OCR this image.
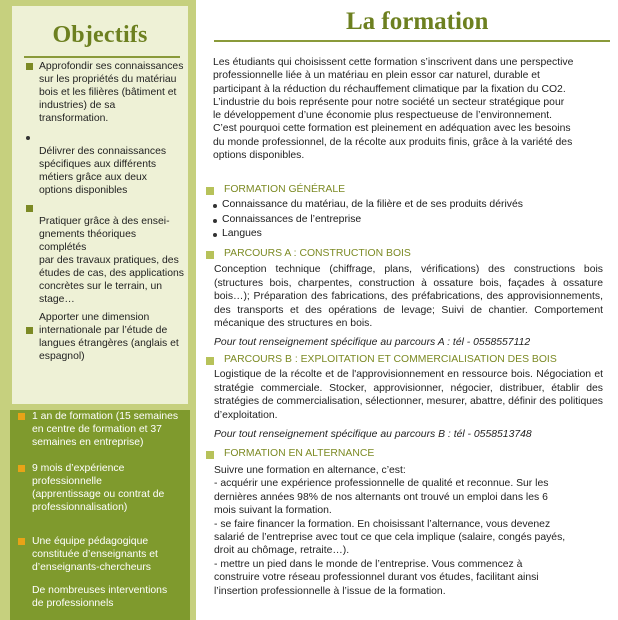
Objectifs
Approfondir ses connaissances
sur les propriétés du matériau
bois et les filières (bâtiment et
industries) de sa
transformation.

Délivrer des connaissances
spécifiques aux différents
métiers grâce aux deux
options disponibles

Pratiquer grâce à des ensei-
gnements théoriques complétés
par des travaux pratiques, des
études de cas, des applications
concrètes sur le terrain, un
stage…

Apporter une dimension
internationale par l’étude de
langues étrangères (anglais et
espagnol)
1 an de formation (15 semaines
en centre de formation et 37
semaines en entreprise)
9 mois d’expérience
professionnelle
(apprentissage ou contrat de
professionnalisation)

Une équipe pédagogique
constituée d’enseignants et
d’enseignants-chercheurs
De nombreuses interventions
de professionnels
La formation
Les étudiants qui choisissent cette formation s’inscrivent dans une perspective
professionnelle liée à un matériau en plein essor car naturel, durable et
participant à la réduction du réchauffement climatique par la fixation du CO2.
L’industrie du bois représente pour notre société un secteur stratégique pour
le développement d’une économie plus respectueuse de l’environnement.
C’est pourquoi cette formation est pleinement en adéquation avec les besoins
du monde professionnel, de la récolte aux produits finis, grâce à la variété des
options disponibles.
FORMATION GÉNÉRALE
Connaissance du matériau, de la filière et de ses produits dérivés
Connaissances de l’entreprise
Langues
PARCOURS A : CONSTRUCTION BOIS
Conception technique (chiffrage, plans, vérifications) des constructions bois (structures bois, charpentes, construction à ossature bois, façades à ossature bois…); Préparation des fabrications, des préfabrications, des approvisionnements, des transports et des opérations de levage; Suivi de chantier. Comportement mécanique des structures en bois.
Pour tout renseignement spécifique au parcours A : tél - 0558557112
PARCOURS B : EXPLOITATION ET COMMERCIALISATION DES BOIS
Logistique de la récolte et de l'approvisionnement en ressource bois. Négociation et stratégie commerciale. Stocker, approvisionner, négocier, distribuer, établir des stratégies de commercialisation, sélectionner, mesurer, abattre, définir des politiques d’exploitation.
Pour tout renseignement spécifique au parcours B : tél - 0558513748
FORMATION EN ALTERNANCE
Suivre une formation en alternance, c’est:
- acquérir une expérience professionnelle de qualité et reconnue. Sur les
dernières années 98% de nos alternants ont trouvé un emploi dans les 6
mois suivant la formation.
- se faire financer la formation. En choisissant l’alternance, vous devenez
salarié de l’entreprise avec tout ce que cela implique (salaire, congés payés,
droit au chômage, retraite…).
- mettre un pied dans le monde de l’entreprise. Vous commencez à
construire votre réseau professionnel durant vos études, facilitant ainsi
l’insertion professionnelle à l’issue de la formation.
